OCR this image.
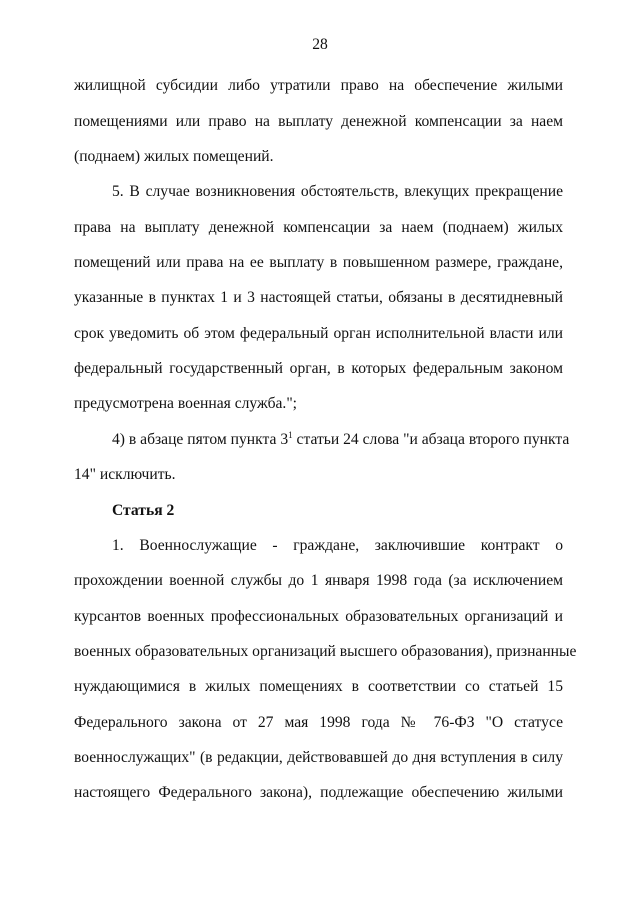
28
жилищной субсидии либо утратили право на обеспечение жилыми
помещениями или право на выплату денежной компенсации за наем
(поднаем) жилых помещений.
5. В случае возникновения обстоятельств, влекущих прекращение
права на выплату денежной компенсации за наем (поднаем) жилых
помещений или права на ее выплату в повышенном размере, граждане,
указанные в пунктах 1 и 3 настоящей статьи, обязаны в десятидневный
срок уведомить об этом федеральный орган исполнительной власти или
федеральный государственный орган, в которых федеральным законом
предусмотрена военная служба.";
4) в абзаце пятом пункта $3^1$ статьи 24 слова "и абзаца второго пункта
14" исключить.
Статья 2
1. Военнослужащие - граждане, заключившие контракт о
прохождении военной службы до 1 января 1998 года (за исключением
курсантов военных профессиональных образовательных организаций и
военных образовательных организаций высшего образования), признанные
нуждающимися в жилых помещениях в соответствии со статьей 15
Федерального закона от 27 мая 1998 года № 76-ФЗ "О статусе
военнослужащих" (в редакции, действовавшей до дня вступления в силу
настоящего Федерального закона), подлежащие обеспечению жилыми
